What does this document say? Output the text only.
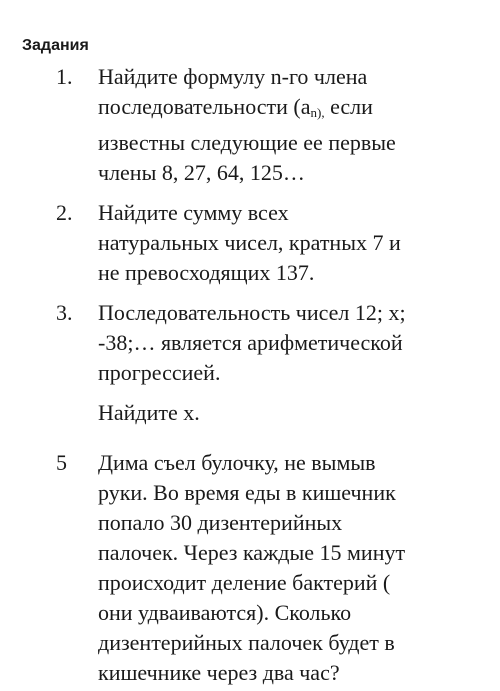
Задания
1.	Найдите формулу n-го члена
последовательности ($a_{n),}$ если
известны следующие ее первые
члены 8, 27, 64, 125…
2.	Найдите сумму всех
натуральных чисел, кратных 7 и
не превосходящих 137.
3.	Последовательность чисел 12; x;
-38;… является арифметической
прогрессией.
Найдите x.
5	Дима съел булочку, не вымыв
руки. Во время еды в кишечник
попало 30 дизентерийных
палочек. Через каждые 15 минут
происходит деление бактерий (
они удваиваются). Сколько
дизентерийных палочек будет в
кишечнике через два час?
